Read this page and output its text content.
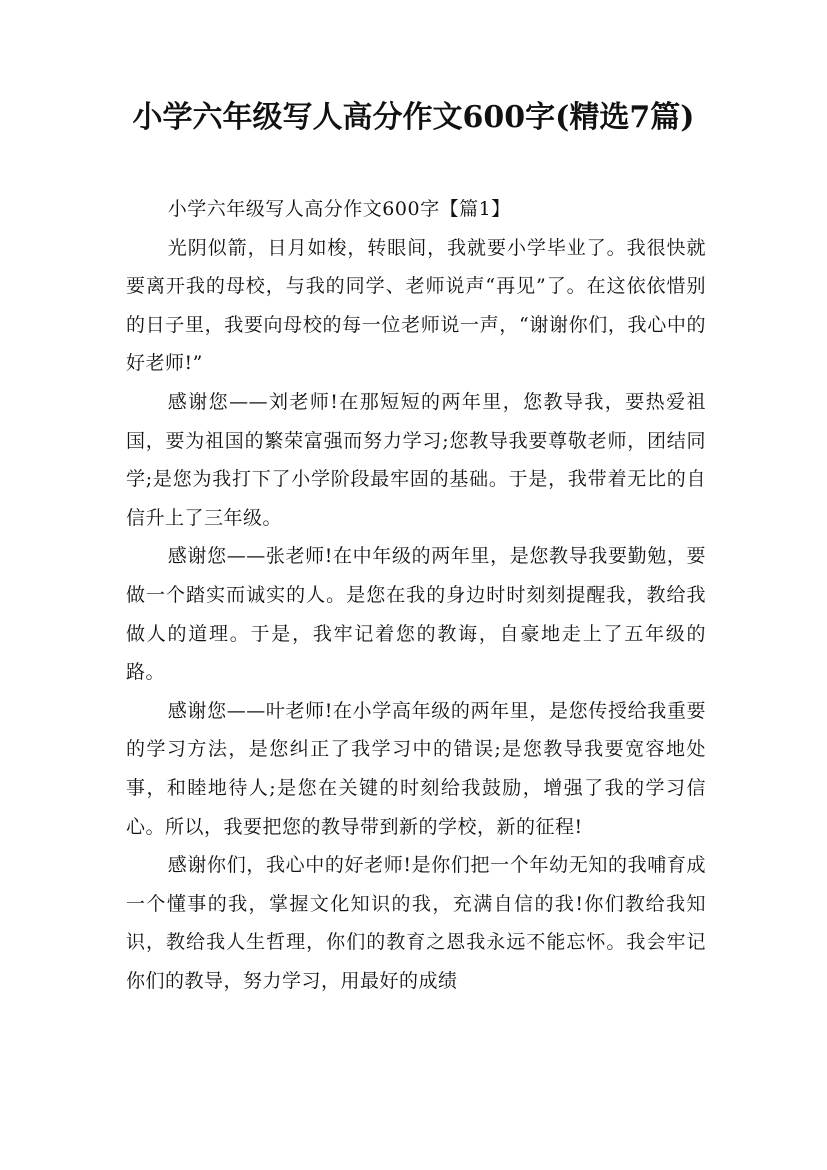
小学六年级写人高分作文600字(精选7篇)

小学六年级写人高分作文600字【篇1】

光阴似箭，日月如梭，转眼间，我就要小学毕业了。我很快就要离开我的母校，与我的同学、老师说声“再见”了。在这依依惜别的日子里，我要向母校的每一位老师说一声，“谢谢你们，我心中的好老师!”

感谢您——刘老师!在那短短的两年里，您教导我，要热爱祖国，要为祖国的繁荣富强而努力学习;您教导我要尊敬老师，团结同学;是您为我打下了小学阶段最牢固的基础。于是，我带着无比的自信升上了三年级。

感谢您——张老师!在中年级的两年里，是您教导我要勤勉，要做一个踏实而诚实的人。是您在我的身边时时刻刻提醒我，教给我做人的道理。于是，我牢记着您的教诲，自豪地走上了五年级的路。

感谢您——叶老师!在小学高年级的两年里，是您传授给我重要的学习方法，是您纠正了我学习中的错误;是您教导我要宽容地处事，和睦地待人;是您在关键的时刻给我鼓励，增强了我的学习信心。所以，我要把您的教导带到新的学校，新的征程!

感谢你们，我心中的好老师!是你们把一个年幼无知的我哺育成一个懂事的我，掌握文化知识的我，充满自信的我!你们教给我知识，教给我人生哲理，你们的教育之恩我永远不能忘怀。我会牢记你们的教导，努力学习，用最好的成绩
